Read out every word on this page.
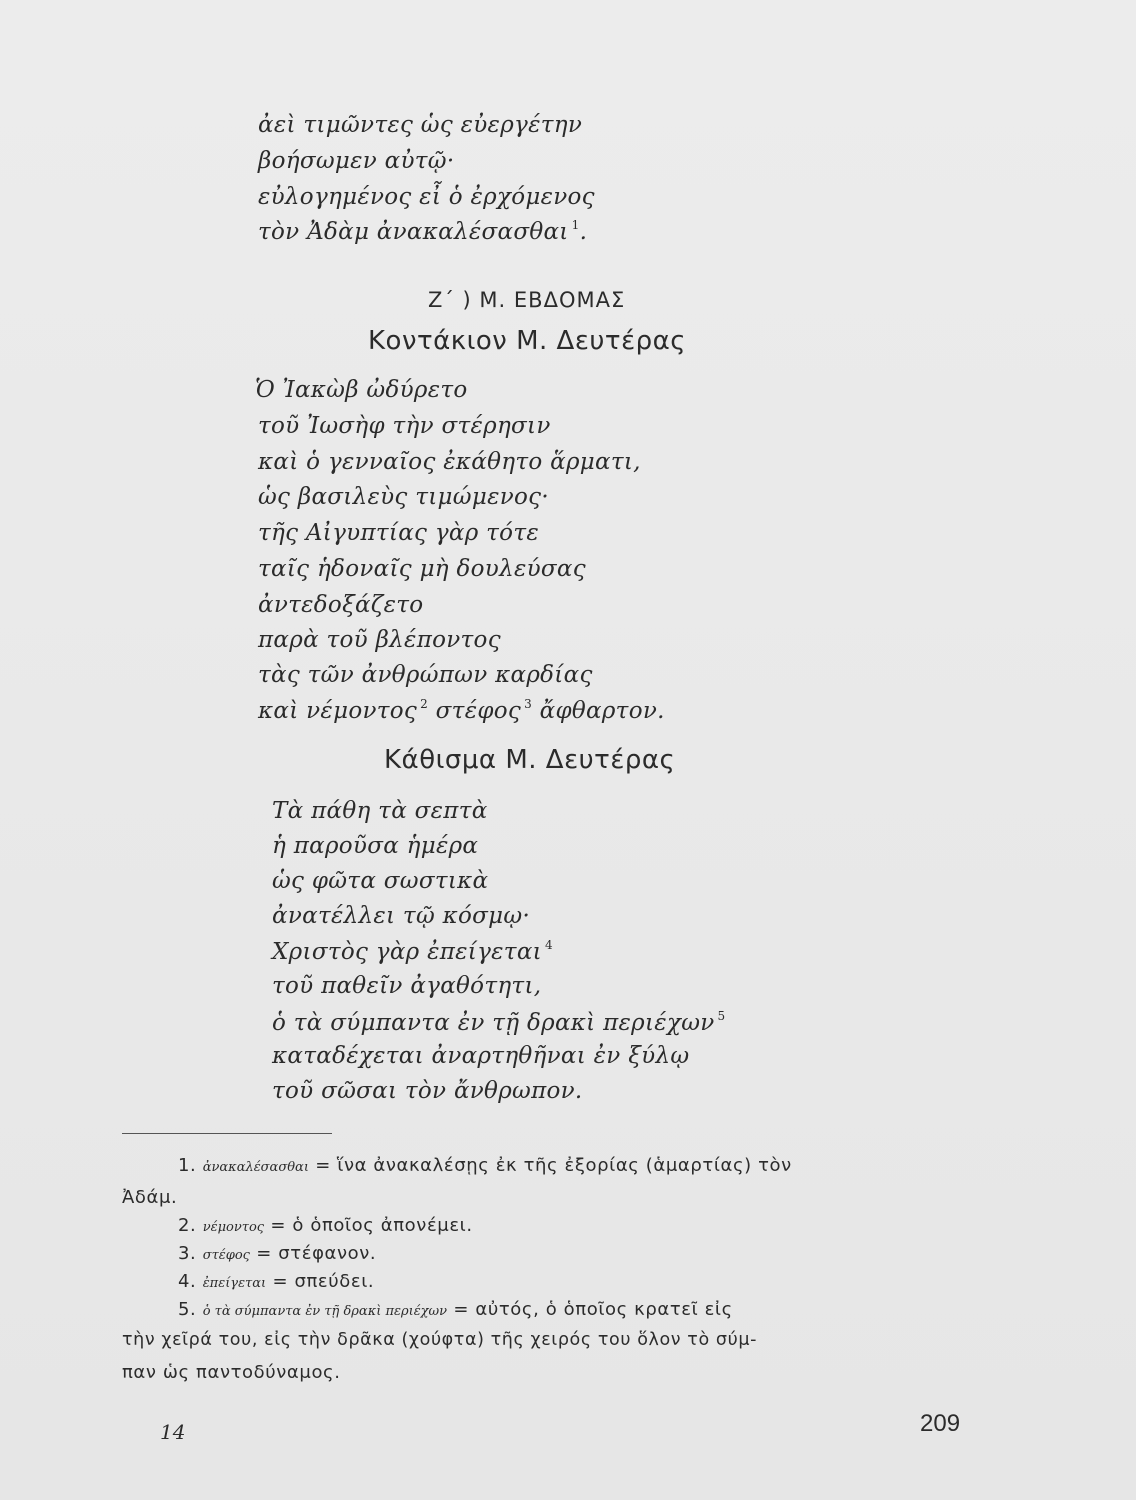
ἀεὶ τιμῶντες ὡς εὐεργέτην
βοήσωμεν αὐτῷ·
εὐλογημένος εἶ ὁ ἐρχόμενος
τὸν Ἀδὰμ ἀνακαλέσασθαι $^1$.
Ζ΄ ) Μ. ΕΒΔΟΜΑΣ
Κοντάκιον Μ. Δευτέρας
Ὁ Ἰακὼβ ὠδύρετο
τοῦ Ἰωσὴφ τὴν στέρησιν
καὶ ὁ γενναῖος ἐκάθητο ἅρματι,
ὡς βασιλεὺς τιμώμενος·
τῆς Αἰγυπτίας γὰρ τότε
ταῖς ἡδοναῖς μὴ δουλεύσας
ἀντεδοξάζετο
παρὰ τοῦ βλέποντος
τὰς τῶν ἀνθρώπων καρδίας
καὶ νέμοντος $^2$ στέφος $^3$ ἄφθαρτον.
Κάθισμα Μ. Δευτέρας
Τὰ πάθη τὰ σεπτὰ
ἡ παροῦσα ἡμέρα
ὡς φῶτα σωστικὰ
ἀνατέλλει τῷ κόσμῳ·
Χριστὸς γὰρ ἐπείγεται $^4$
τοῦ παθεῖν ἀγαθότητι,
ὁ τὰ σύμπαντα ἐν τῇ δρακὶ περιέχων $^5$
καταδέχεται ἀναρτηθῆναι ἐν ξύλῳ
τοῦ σῶσαι τὸν ἄνθρωπον.
1. ἀνακαλέσασθαι = ἵνα ἀνακαλέσῃς ἐκ τῆς ἐξορίας (ἁμαρτίας) τὸν
Ἀδάμ.
2. νέμοντος = ὁ ὁποῖος ἀπονέμει.
3. στέφος = στέφανον.
4. ἐπείγεται = σπεύδει.
5. ὁ τὰ σύμπαντα ἐν τῇ δρακὶ περιέχων = αὐτός, ὁ ὁποῖος κρατεῖ εἰς
τὴν χεῖρά του, εἰς τὴν δρᾶκα (χούφτα) τῆς χειρός του ὅλον τὸ σύμ-
παν ὡς παντοδύναμος.
14	209
